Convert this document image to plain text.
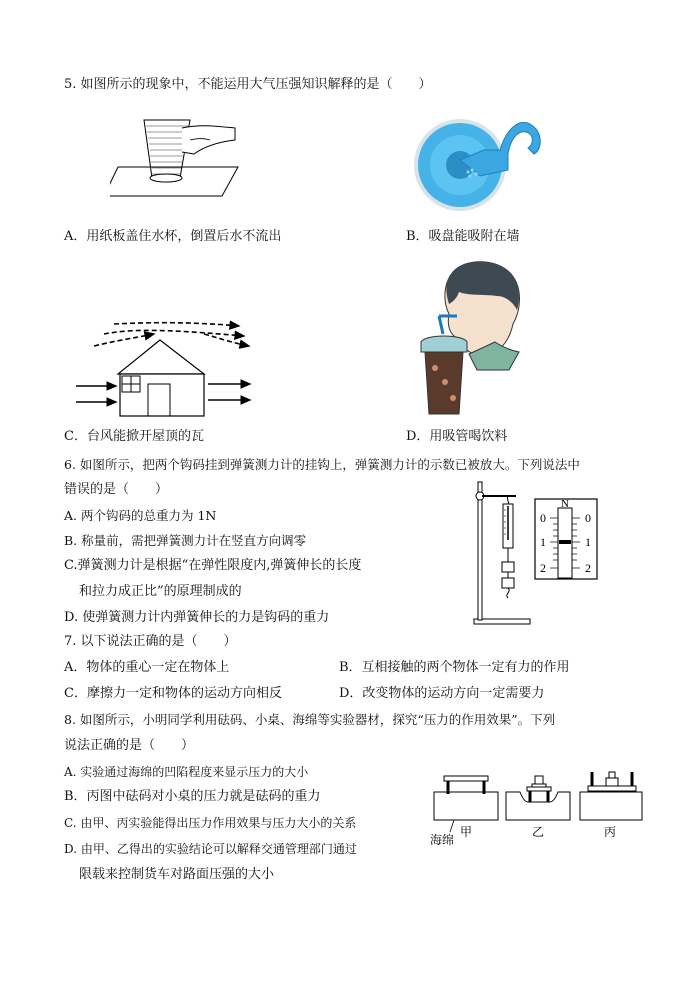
5. 如图所示的现象中，不能运用大气压强知识解释的是（　　）
A．用纸板盖住水杯，倒置后水不流出	B．吸盘能吸附在墙
C．台风能掀开屋顶的瓦	D．用吸管喝饮料
6. 如图所示，把两个钩码挂到弹簧测力计的挂钩上，弹簧测力计的示数已被放大。下列说法中
错误的是（　　）
A. 两个钩码的总重力为 1N
B. 称量前，需把弹簧测力计在竖直方向调零
C.弹簧测力计是根据“在弹性限度内,弹簧伸长的长度
和拉力成正比”的原理制成的
D. 使弹簧测力计内弹簧伸长的力是钩码的重力
N
0
1
2
0
1
2
7. 以下说法正确的是（　　）
A．物体的重心一定在物体上	B．互相接触的两个物体一定有力的作用
C．摩擦力一定和物体的运动方向相反	D．改变物体的运动方向一定需要力
8. 如图所示，小明同学利用砝码、小桌、海绵等实验器材，探究“压力的作用效果”。下列
说法正确的是（　　）
A. 实验通过海绵的凹陷程度来显示压力的大小
B．丙图中砝码对小桌的压力就是砝码的重力
C. 由甲、丙实验能得出压力作用效果与压力大小的关系
D. 由甲、乙得出的实验结论可以解释交通管理部门通过
限载来控制货车对路面压强的大小
海绵
甲	乙	丙
